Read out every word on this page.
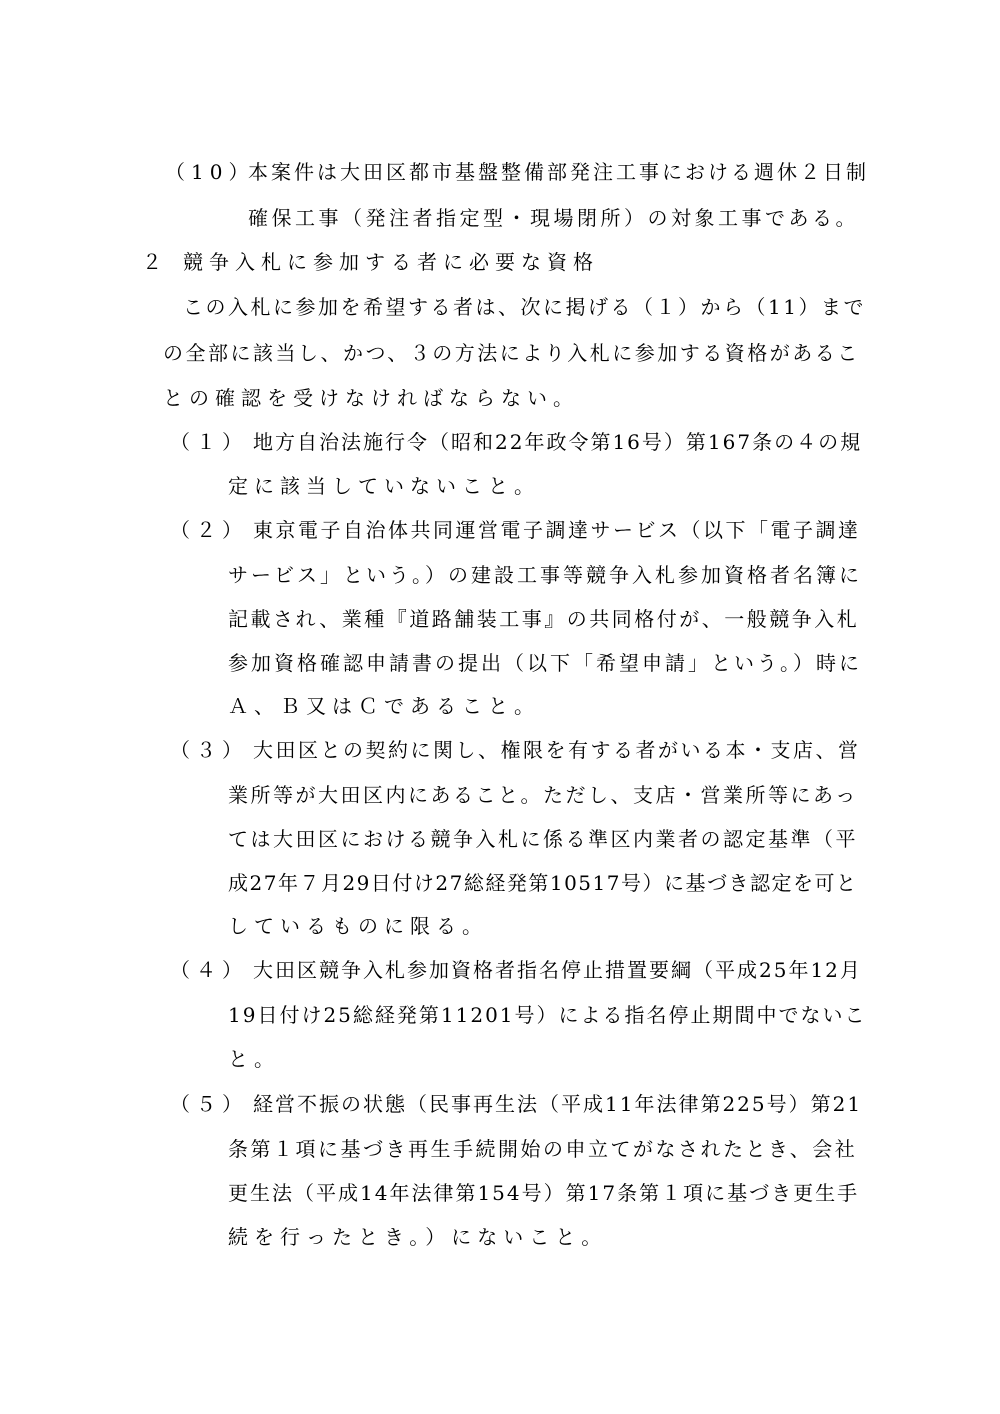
（10）
本案件は大田区都市基盤整備部発注工事における週休２日制
確保工事（発注者指定型・現場閉所）の対象工事である。
２ 競争入札に参加する者に必要な資格
この入札に参加を希望する者は、次に掲げる（１）から（11）まで
の全部に該当し、かつ、３の方法により入札に参加する資格があるこ
との確認を受けなければならない。
（１） 地方自治法施行令（昭和22年政令第16号）第167条の４の規
定に該当していないこと。
（２） 東京電子自治体共同運営電子調達サービス（以下「電子調達
サービス」という。）の建設工事等競争入札参加資格者名簿に
記載され、業種『道路舗装工事』の共同格付が、一般競争入札
参加資格確認申請書の提出（以下「希望申請」という。）時に
Ａ、Ｂ又はＣであること。
（３） 大田区との契約に関し、権限を有する者がいる本・支店、営
業所等が大田区内にあること。ただし、支店・営業所等にあっ
ては大田区における競争入札に係る準区内業者の認定基準（平
成27年７月29日付け27総経発第10517号）に基づき認定を可と
しているものに限る。
（４） 大田区競争入札参加資格者指名停止措置要綱（平成25年12月
19日付け25総経発第11201号）による指名停止期間中でないこ
と。
（５） 経営不振の状態（民事再生法（平成11年法律第225号）第21
条第１項に基づき再生手続開始の申立てがなされたとき、会社
更生法（平成14年法律第154号）第17条第１項に基づき更生手
続を行ったとき。）にないこと。
